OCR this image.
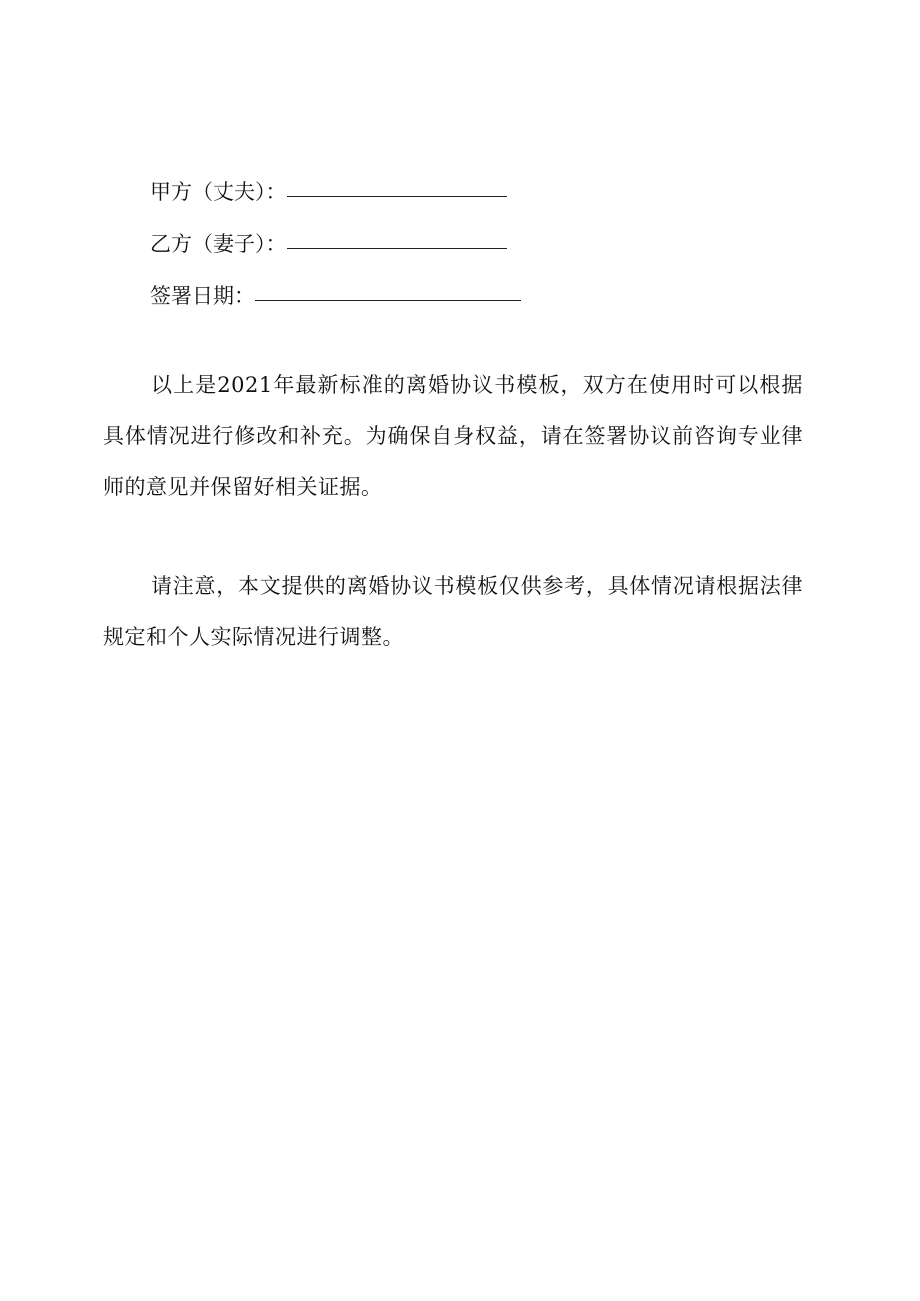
甲方（丈夫）：
乙方（妻子）：
签署日期：

以上是2021年最新标准的离婚协议书模板，双方在使用时可以根据具体情况进行修改和补充。为确保自身权益，请在签署协议前咨询专业律师的意见并保留好相关证据。

请注意，本文提供的离婚协议书模板仅供参考，具体情况请根据法律规定和个人实际情况进行调整。
